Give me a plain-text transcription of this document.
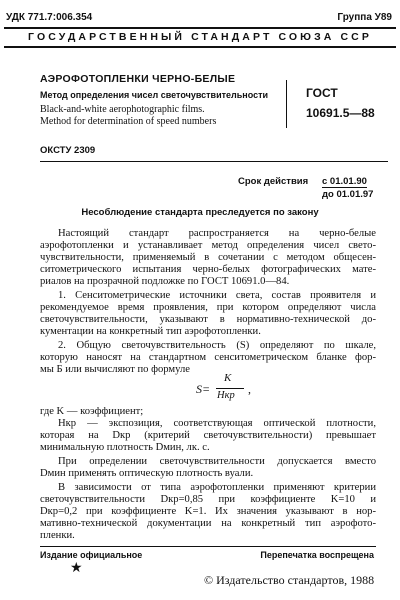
УДК 771.7:006.354	Группа У89
ГОСУДАРСТВЕННЫЙ СТАНДАРТ СОЮЗА ССР
АЭРОФОТОПЛЕНКИ ЧЕРНО-БЕЛЫЕ
Метод определения чисел светочувствительности
Black-and-white aerophotographic films.
Method for determination of speed numbers
ГОСТ
10691.5—88
ОКСТУ 2309
Срок действия с 01.01.90
до 01.01.97
Несоблюдение стандарта преследуется по закону
Настоящий стандарт распространяется на черно-белые
аэрофотопленки и устанавливает метод определения чисел свето-
чувствительности, применяемый в сочетании с методом общесен-
ситометрического испытания черно-белых фотографических мате-
риалов на прозрачной подложке по ГОСТ 10691.0—84.
1. Сенситометрические источники света, состав проявителя и
рекомендуемое время проявления, при котором определяют числа
светочувствительности, указывают в нормативно-технической до-
кументации на конкретный тип аэрофотопленки.
2. Общую светочувствительность (S) определяют по шкале,
которую наносят на стандартном сенситометрическом бланке фор-
мы Б или вычисляют по формуле
S=
K
Hкр ,
где K — коэффициент;
Hкр — экспозиция, соответствующая оптической плотности,
которая на Dкр (критерий светочувствительности) превышает
минимальную плотность Dмин, лк. с.
При определении светочувствительности допускается вместо
Dмин применять оптическую плотность вуали.
В зависимости от типа аэрофотопленки применяют критерии
светочувствительности Dкр=0,85 при коэффициенте K=10 и
Dкр=0,2 при коэффициенте K=1. Их значения указывают в нор-
мативно-технической документации на конкретный тип аэрофото-
пленки.
Издание официальное	Перепечатка воспрещена
★
© Издательство стандартов, 1988
